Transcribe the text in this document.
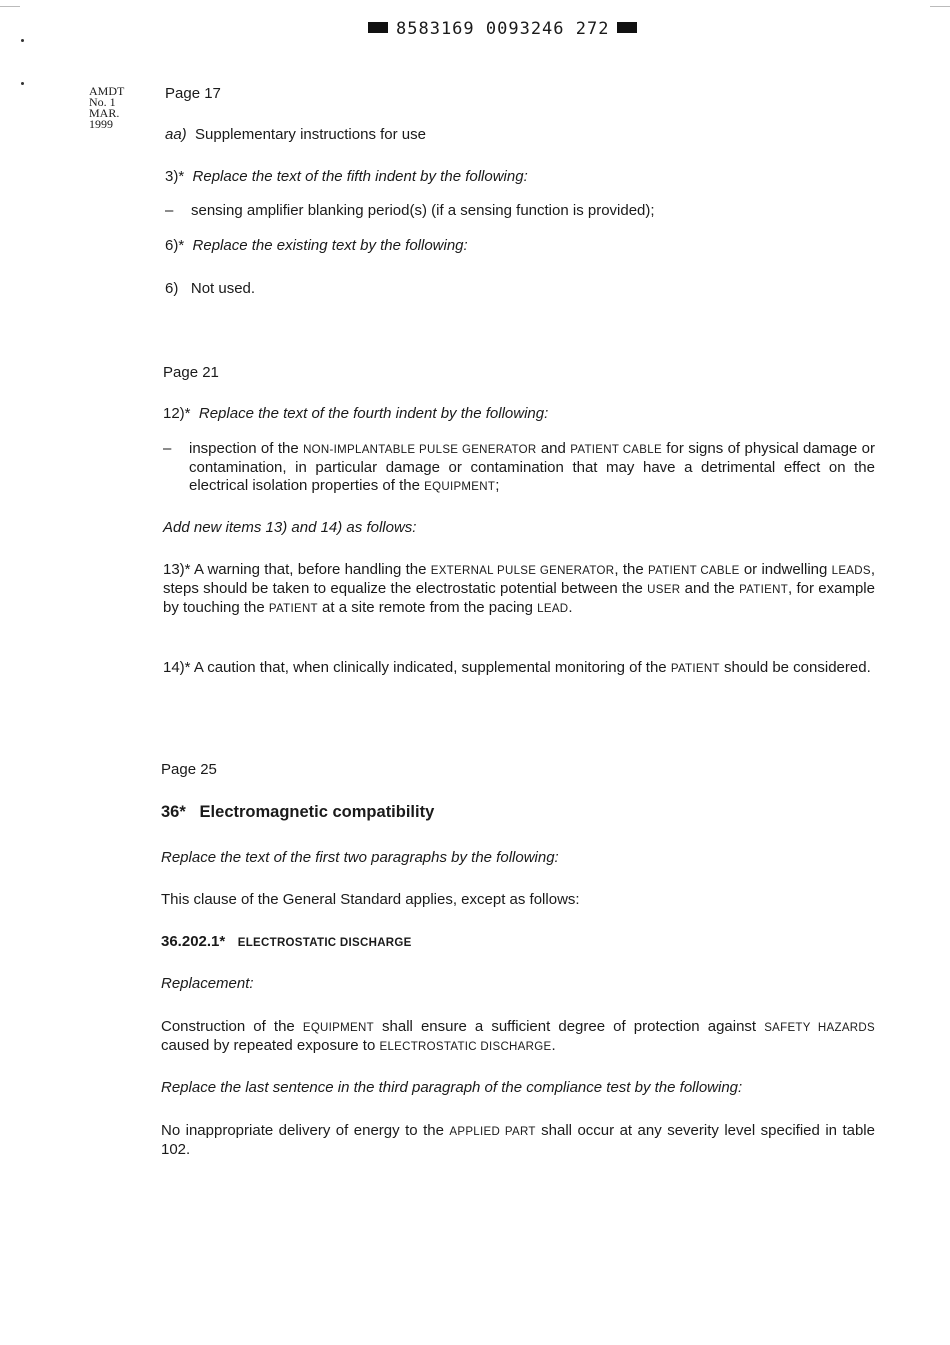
8583169 0093246 272
AMDT
No. 1
MAR.
1999

Page 17

aa) Supplementary instructions for use

3)* Replace the text of the fifth indent by the following:

– sensing amplifier blanking period(s) (if a sensing function is provided);

6)* Replace the existing text by the following:

6) Not used.

Page 21

12)* Replace the text of the fourth indent by the following:

– inspection of the NON-IMPLANTABLE PULSE GENERATOR and PATIENT CABLE for signs of physical damage or contamination, in particular damage or contamination that may have a detrimental effect on the electrical isolation properties of the EQUIPMENT;

Add new items 13) and 14) as follows:

13)* A warning that, before handling the EXTERNAL PULSE GENERATOR, the PATIENT CABLE or indwelling LEADS, steps should be taken to equalize the electrostatic potential between the USER and the PATIENT, for example by touching the PATIENT at a site remote from the pacing LEAD.

14)* A caution that, when clinically indicated, supplemental monitoring of the PATIENT should be considered.

Page 25

36* Electromagnetic compatibility

Replace the text of the first two paragraphs by the following:

This clause of the General Standard applies, except as follows:

36.202.1* ELECTROSTATIC DISCHARGE

Replacement:

Construction of the EQUIPMENT shall ensure a sufficient degree of protection against SAFETY HAZARDS caused by repeated exposure to ELECTROSTATIC DISCHARGE.

Replace the last sentence in the third paragraph of the compliance test by the following:

No inappropriate delivery of energy to the APPLIED PART shall occur at any severity level specified in table 102.
